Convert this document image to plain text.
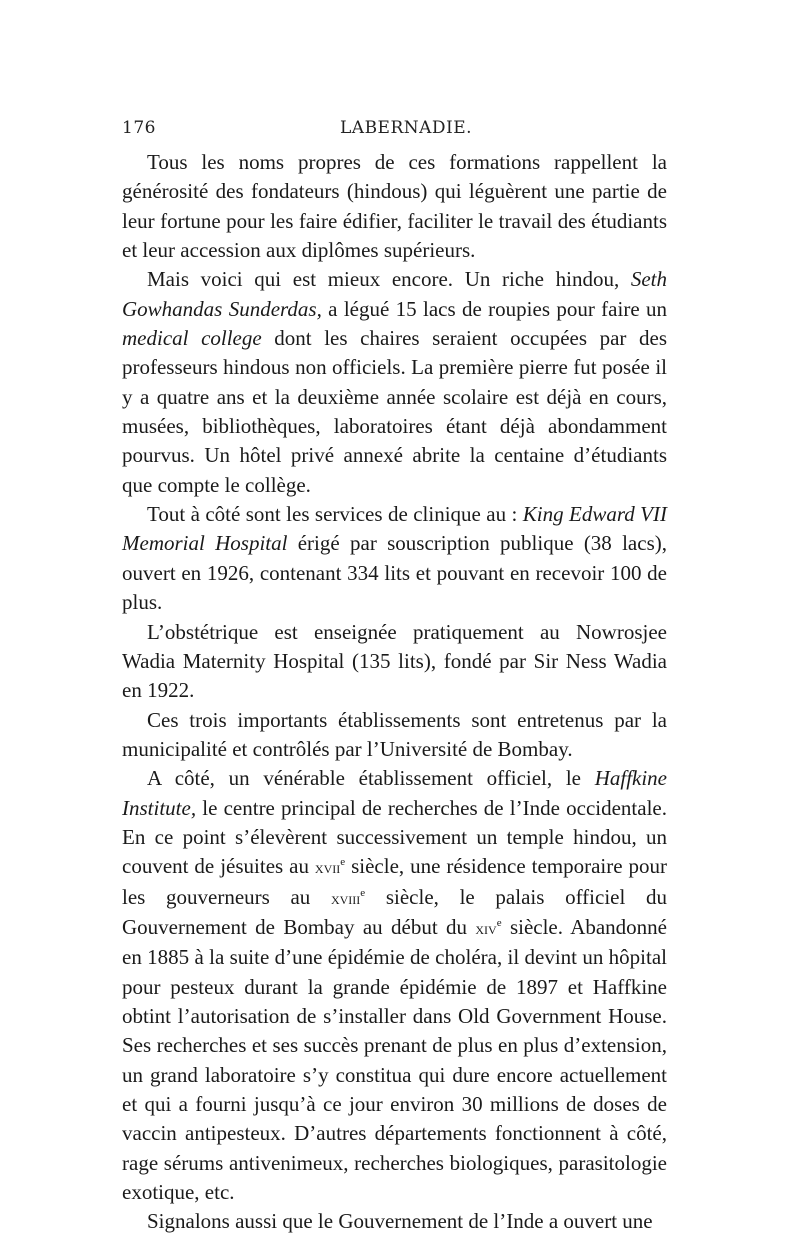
176	LABERNADIE.

Tous les noms propres de ces formations rappellent la générosité des fondateurs (hindous) qui léguèrent une partie de leur fortune pour les faire édifier, faciliter le travail des étudiants et leur accession aux diplômes supérieurs.

Mais voici qui est mieux encore. Un riche hindou, Seth Gowhandas Sunderdas, a légué 15 lacs de roupies pour faire un medical college dont les chaires seraient occupées par des professeurs hindous non officiels. La première pierre fut posée il y a quatre ans et la deuxième année scolaire est déjà en cours, musées, bibliothèques, laboratoires étant déjà abondamment pourvus. Un hôtel privé annexé abrite la centaine d’étudiants que compte le collège.

Tout à côté sont les services de clinique au : King Edward VII Memorial Hospital érigé par souscription publique (38 lacs), ouvert en 1926, contenant 334 lits et pouvant en recevoir 100 de plus.

L’obstétrique est enseignée pratiquement au Nowrosjee Wadia Maternity Hospital (135 lits), fondé par Sir Ness Wadia en 1922.

Ces trois importants établissements sont entretenus par la municipalité et contrôlés par l’Université de Bombay.

A côté, un vénérable établissement officiel, le Haffkine Institute, le centre principal de recherches de l’Inde occidentale. En ce point s’élevèrent successivement un temple hindou, un couvent de jésuites au xvii$^e$ siècle, une résidence temporaire pour les gouverneurs au xviii$^e$ siècle, le palais officiel du Gouvernement de Bombay au début du xiv$^e$ siècle. Abandonné en 1885 à la suite d’une épidémie de choléra, il devint un hôpital pour pesteux durant la grande épidémie de 1897 et Haffkine obtint l’autorisation de s’installer dans Old Government House. Ses recherches et ses succès prenant de plus en plus d’extension, un grand laboratoire s’y constitua qui dure encore actuellement et qui a fourni jusqu’à ce jour environ 30 millions de doses de vaccin antipesteux. D’autres départements fonctionnent à côté, rage sérums antivenimeux, recherches biologiques, parasitologie exotique, etc.

Signalons aussi que le Gouvernement de l’Inde a ouvert une
